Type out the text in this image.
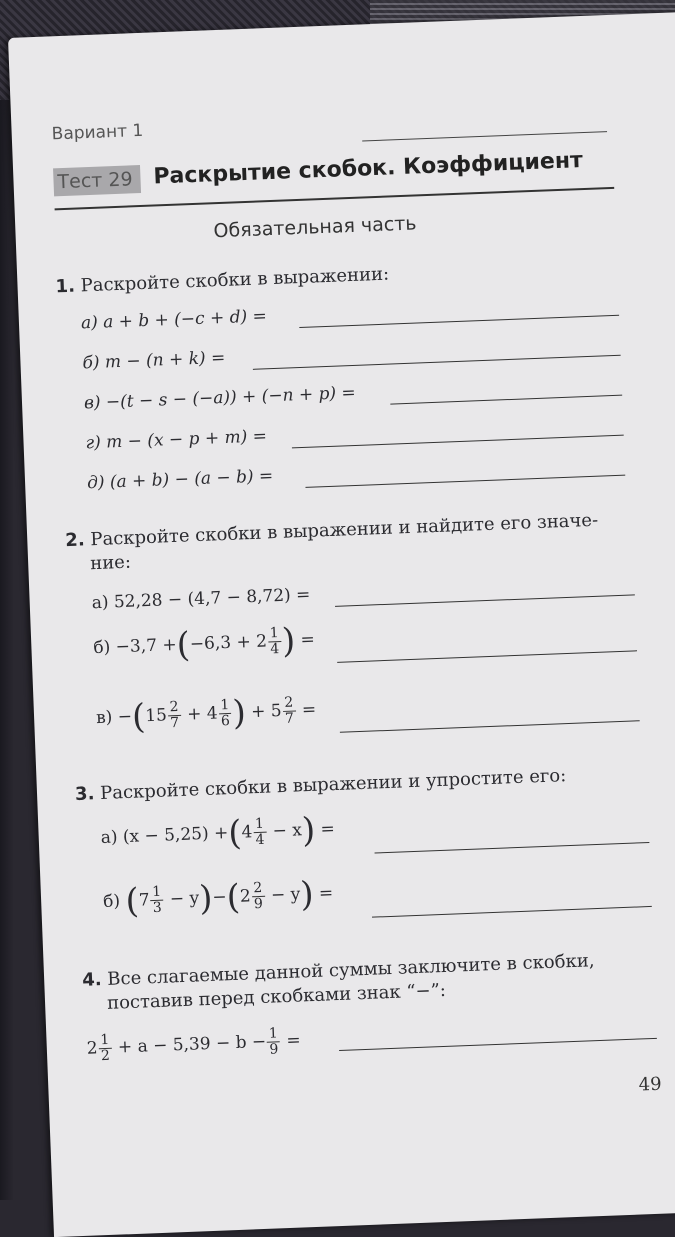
Вариант 1
Тест 29 Раскрытие скобок. Коэффициент
Обязательная часть
1. Раскройте скобки в выражении:
а) a + b + (−c + d) =
б) m − (n + k) =
в) −(t − s − (−a)) + (−n + p) =
г) m − (x − p + m) =
д) (a + b) − (a − b) =
2. Раскройте скобки в выражении и найдите его значе-
ние:
а) 52,28 − (4,7 − 8,72) =
$б) -3,7 +(-6,3 + 2 \frac{1}{4}$ ) =
$в) -(15 \frac{2}{7} + 4 \frac{1}{6}$ ) + $5 \frac{2}{7}$ =
3. Раскройте скобки в выражении и упростите его:
а) $(x - 5,25) +(4 \frac{1}{4} - x)$ =
б) $(7 \frac{1}{3} - y)-(2 \frac{2}{9} - y)$ =
4. Все слагаемые данной суммы заключите в скобки,
поставив перед скобками знак “−”:
$2 \frac{1}{2} + a - 5,39 - b - \frac{1}{9}$ =
49
